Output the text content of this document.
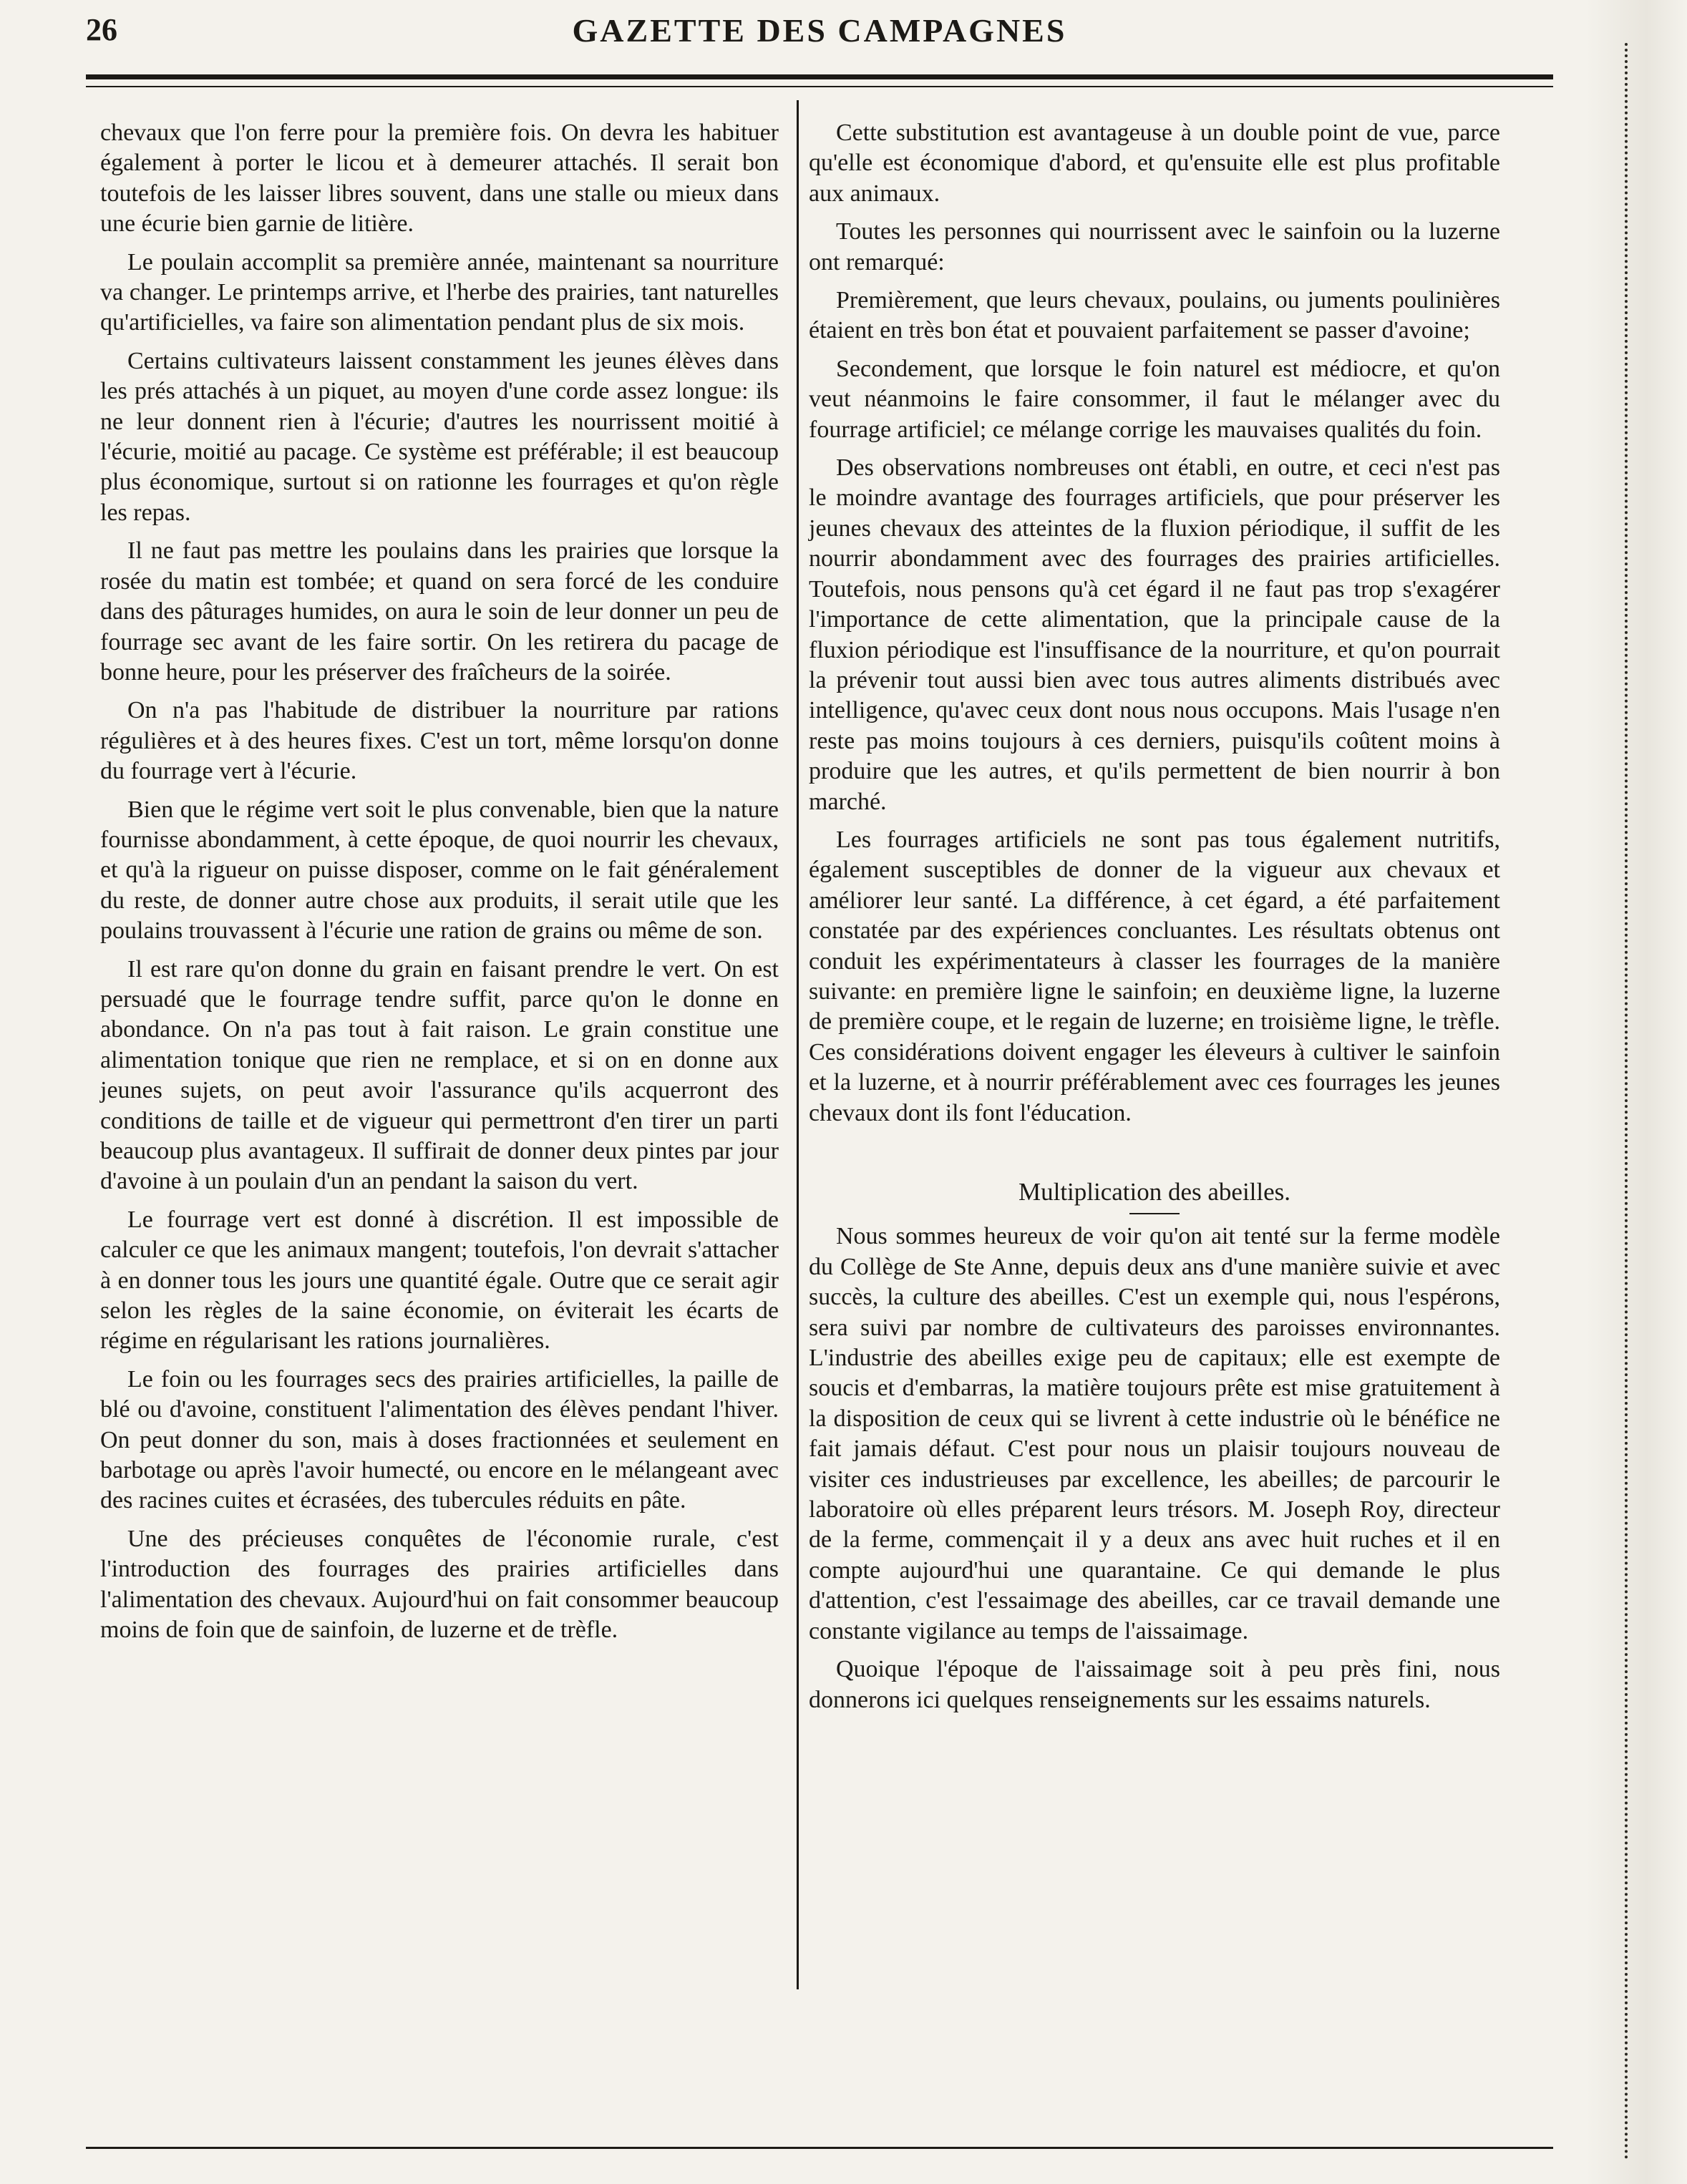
26	GAZETTE DES CAMPAGNES

chevaux que l'on ferre pour la première fois. On devra les habituer également à porter le licou et à demeurer attachés. Il serait bon toutefois de les laisser libres souvent, dans une stalle ou mieux dans une écurie bien garnie de litière.

Le poulain accomplit sa première année, maintenant sa nourriture va changer. Le printemps arrive, et l'herbe des prairies, tant naturelles qu'artificielles, va faire son alimentation pendant plus de six mois.

Certains cultivateurs laissent constamment les jeunes élèves dans les prés attachés à un piquet, au moyen d'une corde assez longue: ils ne leur donnent rien à l'écurie; d'autres les nourrissent moitié à l'écurie, moitié au pacage. Ce système est préférable; il est beaucoup plus économique, surtout si on rationne les fourrages et qu'on règle les repas.

Il ne faut pas mettre les poulains dans les prairies que lorsque la rosée du matin est tombée; et quand on sera forcé de les conduire dans des pâturages humides, on aura le soin de leur donner un peu de fourrage sec avant de les faire sortir. On les retirera du pacage de bonne heure, pour les préserver des fraîcheurs de la soirée.

On n'a pas l'habitude de distribuer la nourriture par rations régulières et à des heures fixes. C'est un tort, même lorsqu'on donne du fourrage vert à l'écurie.

Bien que le régime vert soit le plus convenable, bien que la nature fournisse abondamment, à cette époque, de quoi nourrir les chevaux, et qu'à la rigueur on puisse disposer, comme on le fait généralement du reste, de donner autre chose aux produits, il serait utile que les poulains trouvassent à l'écurie une ration de grains ou même de son.

Il est rare qu'on donne du grain en faisant prendre le vert. On est persuadé que le fourrage tendre suffit, parce qu'on le donne en abondance. On n'a pas tout à fait raison. Le grain constitue une alimentation tonique que rien ne remplace, et si on en donne aux jeunes sujets, on peut avoir l'assurance qu'ils acquerront des conditions de taille et de vigueur qui permettront d'en tirer un parti beaucoup plus avantageux. Il suffirait de donner deux pintes par jour d'avoine à un poulain d'un an pendant la saison du vert.

Le fourrage vert est donné à discrétion. Il est impossible de calculer ce que les animaux mangent; toutefois, l'on devrait s'attacher à en donner tous les jours une quantité égale. Outre que ce serait agir selon les règles de la saine économie, on éviterait les écarts de régime en régularisant les rations journalières.

Le foin ou les fourrages secs des prairies artificielles, la paille de blé ou d'avoine, constituent l'alimentation des élèves pendant l'hiver. On peut donner du son, mais à doses fractionnées et seulement en barbotage ou après l'avoir humecté, ou encore en le mélangeant avec des racines cuites et écrasées, des tubercules réduits en pâte.

Une des précieuses conquêtes de l'économie rurale, c'est l'introduction des fourrages des prairies artificielles dans l'alimentation des chevaux. Aujourd'hui on fait consommer beaucoup moins de foin que de sainfoin, de luzerne et de trèfle.

Cette substitution est avantageuse à un double point de vue, parce qu'elle est économique d'abord, et qu'ensuite elle est plus profitable aux animaux.

Toutes les personnes qui nourrissent avec le sainfoin ou la luzerne ont remarqué:

Premièrement, que leurs chevaux, poulains, ou juments poulinières étaient en très bon état et pouvaient parfaitement se passer d'avoine;

Secondement, que lorsque le foin naturel est médiocre, et qu'on veut néanmoins le faire consommer, il faut le mélanger avec du fourrage artificiel; ce mélange corrige les mauvaises qualités du foin.

Des observations nombreuses ont établi, en outre, et ceci n'est pas le moindre avantage des fourrages artificiels, que pour préserver les jeunes chevaux des atteintes de la fluxion périodique, il suffit de les nourrir abondamment avec des fourrages des prairies artificielles. Toutefois, nous pensons qu'à cet égard il ne faut pas trop s'exagérer l'importance de cette alimentation, que la principale cause de la fluxion périodique est l'insuffisance de la nourriture, et qu'on pourrait la prévenir tout aussi bien avec tous autres aliments distribués avec intelligence, qu'avec ceux dont nous nous occupons. Mais l'usage n'en reste pas moins toujours à ces derniers, puisqu'ils coûtent moins à produire que les autres, et qu'ils permettent de bien nourrir à bon marché.

Les fourrages artificiels ne sont pas tous également nutritifs, également susceptibles de donner de la vigueur aux chevaux et améliorer leur santé. La différence, à cet égard, a été parfaitement constatée par des expériences concluantes. Les résultats obtenus ont conduit les expérimentateurs à classer les fourrages de la manière suivante: en première ligne le sainfoin; en deuxième ligne, la luzerne de première coupe, et le regain de luzerne; en troisième ligne, le trèfle. Ces considérations doivent engager les éleveurs à cultiver le sainfoin et la luzerne, et à nourrir préférablement avec ces fourrages les jeunes chevaux dont ils font l'éducation.

Multiplication des abeilles.

Nous sommes heureux de voir qu'on ait tenté sur la ferme modèle du Collège de Ste Anne, depuis deux ans d'une manière suivie et avec succès, la culture des abeilles. C'est un exemple qui, nous l'espérons, sera suivi par nombre de cultivateurs des paroisses environnantes. L'industrie des abeilles exige peu de capitaux; elle est exempte de soucis et d'embarras, la matière toujours prête est mise gratuitement à la disposition de ceux qui se livrent à cette industrie où le bénéfice ne fait jamais défaut. C'est pour nous un plaisir toujours nouveau de visiter ces industrieuses par excellence, les abeilles; de parcourir le laboratoire où elles préparent leurs trésors. M. Joseph Roy, directeur de la ferme, commençait il y a deux ans avec huit ruches et il en compte aujourd'hui une quarantaine. Ce qui demande le plus d'attention, c'est l'essaimage des abeilles, car ce travail demande une constante vigilance au temps de l'aissaimage.

Quoique l'époque de l'aissaimage soit à peu près fini, nous donnerons ici quelques renseignements sur les essaims naturels.
